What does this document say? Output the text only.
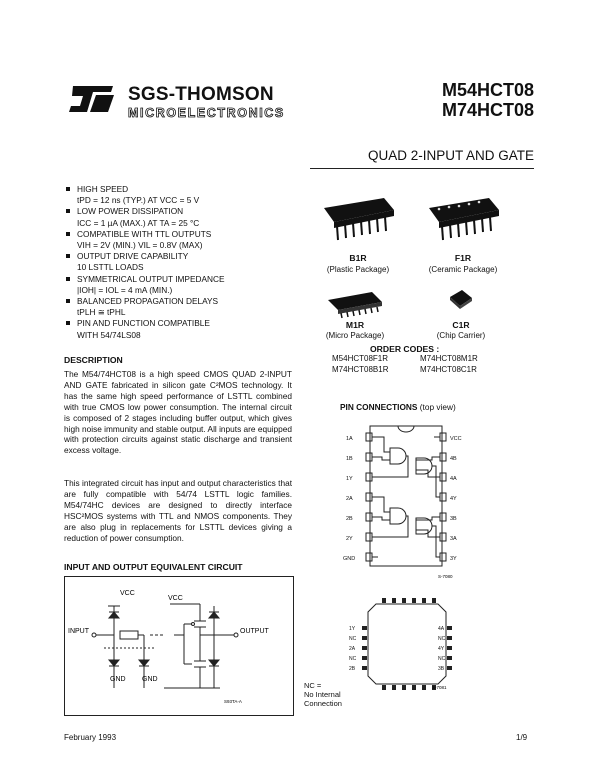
SGS-THOMSON
MICROELECTRONICS
M54HCT08
M74HCT08
QUAD 2-INPUT AND GATE
HIGH SPEED
tPD = 12 ns (TYP.) AT VCC = 5 V
LOW POWER DISSIPATION
ICC = 1 µA (MAX.) AT TA = 25 °C
COMPATIBLE WITH TTL OUTPUTS
VIH = 2V (MIN.) VIL = 0.8V (MAX)
OUTPUT DRIVE CAPABILITY
10 LSTTL LOADS
SYMMETRICAL OUTPUT IMPEDANCE
|IOH| = IOL = 4 mA (MIN.)
BALANCED PROPAGATION DELAYS
tPLH ≅ tPHL
PIN AND FUNCTION COMPATIBLE
WITH 54/74LS08
DESCRIPTION
The M54/74HCT08 is a high speed CMOS QUAD 2-INPUT AND GATE fabricated in silicon gate C²MOS technology. It has the same high speed performance of LSTTL combined with true CMOS low power consumption. The internal circuit is composed of 2 stages including buffer output, which gives high noise immunity and stable output. All inputs are equipped with protection circuits against static discharge and transient excess voltage.
This integrated circuit has input and output characteristics that are fully compatible with 54/74 LSTTL logic families. M54/74HC devices are designed to directly interface HSC²MOS systems with TTL and NMOS components. They are also plug in replacements for LSTTL devices giving a reduction of power consumption.
INPUT AND OUTPUT EQUIVALENT CIRCUIT
INPUT	OUTPUT
VCC
VCC
GND GND
S93TA-A
B1R
(Plastic Package)
F1R
(Ceramic Package)
M1R
(Micro Package)
C1R
(Chip Carrier)
ORDER CODES :
M54HCT08F1R	M74HCT08M1R
M74HCT08B1R	M74HCT08C1R
PIN CONNECTIONS (top view)
1A
1B
1Y
2A
2B
2Y
GND
VCC
4B
4A
4Y
3B
3A
3Y
S-7080
1Y
NC
2A
NC
2B
4A
NC
4Y
NC
3B
S-7081
NC =
No Internal
Connection
February 1993	1/9
